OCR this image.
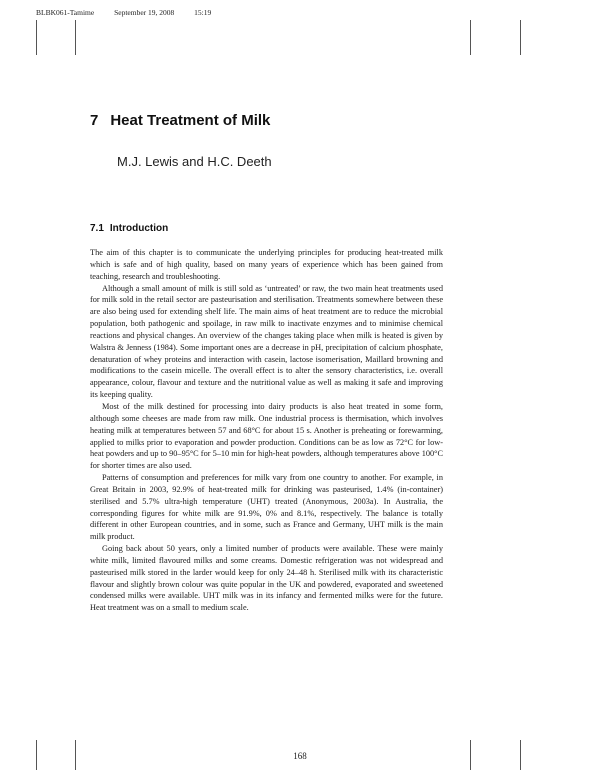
BLBK061-Tamime	September 19, 2008	15:19
7 Heat Treatment of Milk
M.J. Lewis and H.C. Deeth
7.1 Introduction

The aim of this chapter is to communicate the underlying principles for producing heat-treated milk which is safe and of high quality, based on many years of experience which has been gained from teaching, research and troubleshooting.

Although a small amount of milk is still sold as ‘untreated’ or raw, the two main heat treatments used for milk sold in the retail sector are pasteurisation and sterilisation. Treatments somewhere between these are also being used for extending shelf life. The main aims of heat treatment are to reduce the microbial population, both pathogenic and spoilage, in raw milk to inactivate enzymes and to minimise chemical reactions and physical changes. An overview of the changes taking place when milk is heated is given by Walstra & Jenness (1984). Some important ones are a decrease in pH, precipitation of calcium phosphate, denaturation of whey proteins and interaction with casein, lactose isomerisation, Maillard browning and modifications to the casein micelle. The overall effect is to alter the sensory characteristics, i.e. overall appearance, colour, flavour and texture and the nutritional value as well as making it safe and improving its keeping quality.

Most of the milk destined for processing into dairy products is also heat treated in some form, although some cheeses are made from raw milk. One industrial process is thermisation, which involves heating milk at temperatures between 57 and 68°C for about 15 s. Another is preheating or forewarming, applied to milks prior to evaporation and powder production. Conditions can be as low as 72°C for low-heat powders and up to 90–95°C for 5–10 min for high-heat powders, although temperatures above 100°C for shorter times are also used.

Patterns of consumption and preferences for milk vary from one country to another. For example, in Great Britain in 2003, 92.9% of heat-treated milk for drinking was pasteurised, 1.4% (in-container) sterilised and 5.7% ultra-high temperature (UHT) treated (Anonymous, 2003a). In Australia, the corresponding figures for white milk are 91.9%, 0% and 8.1%, respectively. The balance is totally different in other European countries, and in some, such as France and Germany, UHT milk is the main milk product.

Going back about 50 years, only a limited number of products were available. These were mainly white milk, limited flavoured milks and some creams. Domestic refrigeration was not widespread and pasteurised milk stored in the larder would keep for only 24–48 h. Sterilised milk with its characteristic flavour and slightly brown colour was quite popular in the UK and powdered, evaporated and sweetened condensed milks were available. UHT milk was in its infancy and fermented milks were for the future. Heat treatment was on a small to medium scale.

168
